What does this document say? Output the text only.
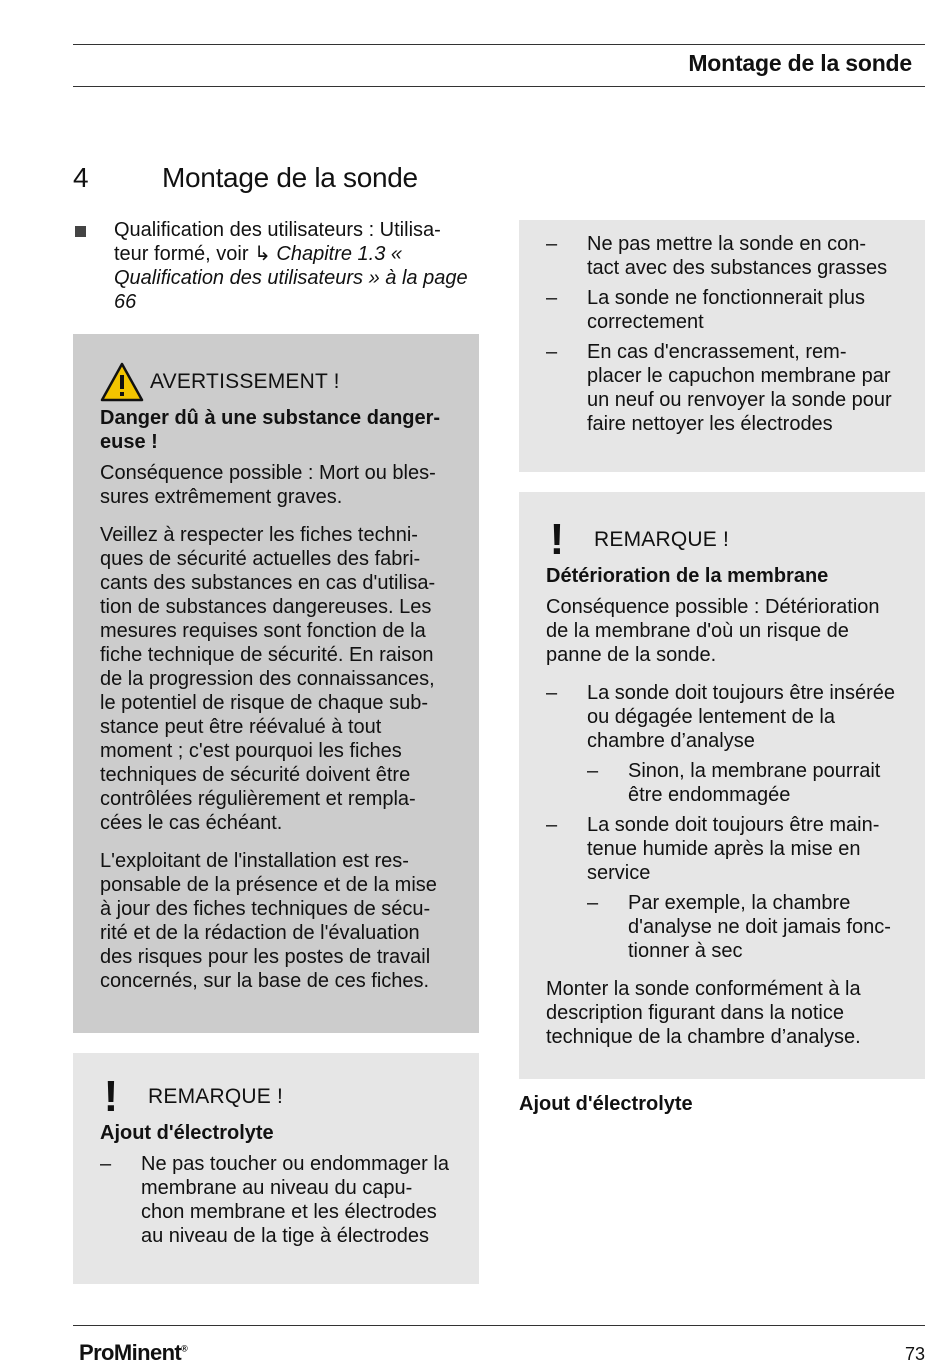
Montage de la sonde
4	Montage de la sonde
Qualification des utilisateurs : Utilisa-teur formé, voir ↳ Chapitre 1.3 « Qualification des utilisateurs » à la page 66
AVERTISSEMENT !
Danger dû à une substance danger-euse !
Conséquence possible : Mort ou bles-sures extrêmement graves.
Veillez à respecter les fiches techni-ques de sécurité actuelles des fabri-cants des substances en cas d'utilisa-tion de substances dangereuses. Les mesures requises sont fonction de la fiche technique de sécurité. En raison de la progression des connaissances, le potentiel de risque de chaque sub-stance peut être réévalué à tout moment ; c'est pourquoi les fiches techniques de sécurité doivent être contrôlées régulièrement et rempla-cées le cas échéant.
L'exploitant de l'installation est res-ponsable de la présence et de la mise à jour des fiches techniques de sécu-rité et de la rédaction de l'évaluation des risques pour les postes de travail concernés, sur la base de ces fiches.
! REMARQUE !
Ajout d'électrolyte
– Ne pas toucher ou endommager la membrane au niveau du capu-chon membrane et les électrodes au niveau de la tige à électrodes
– Ne pas mettre la sonde en con-tact avec des substances grasses
– La sonde ne fonctionnerait plus correctement
– En cas d'encrassement, rem-placer le capuchon membrane par un neuf ou renvoyer la sonde pour faire nettoyer les électrodes
! REMARQUE !
Détérioration de la membrane
Conséquence possible : Détérioration de la membrane d'où un risque de panne de la sonde.
– La sonde doit toujours être insérée ou dégagée lentement de la chambre d’analyse
– Sinon, la membrane pourrait être endommagée
– La sonde doit toujours être main-tenue humide après la mise en service
– Par exemple, la chambre d'analyse ne doit jamais fonc-tionner à sec
Monter la sonde conformément à la description figurant dans la notice technique de la chambre d’analyse.
Ajout d'électrolyte
ProMinent®	73
